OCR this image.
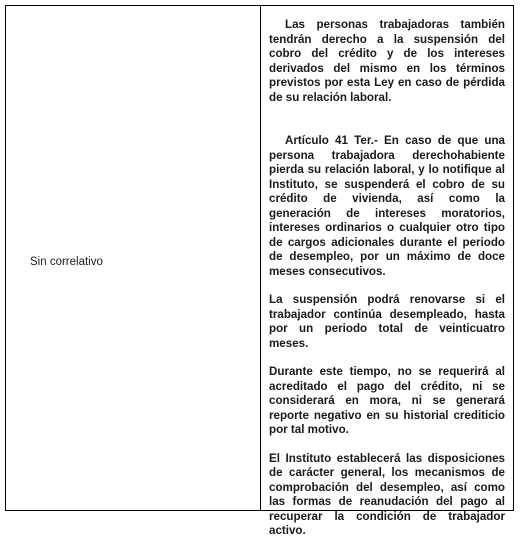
Sin correlativo

Las personas trabajadoras también tendrán derecho a la suspensión del cobro del crédito y de los intereses derivados del mismo en los términos previstos por esta Ley en caso de pérdida de su relación laboral.

Artículo 41 Ter.- En caso de que una persona trabajadora derechohabiente pierda su relación laboral, y lo notifique al Instituto, se suspenderá el cobro de su crédito de vivienda, así como la generación de intereses moratorios, intereses ordinarios o cualquier otro tipo de cargos adicionales durante el periodo de desempleo, por un máximo de doce meses consecutivos.

La suspensión podrá renovarse si el trabajador continúa desempleado, hasta por un periodo total de veinticuatro meses.

Durante este tiempo, no se requerirá al acreditado el pago del crédito, ni se considerará en mora, ni se generará reporte negativo en su historial crediticio por tal motivo.

El Instituto establecerá las disposiciones de carácter general, los mecanismos de comprobación del desempleo, así como las formas de reanudación del pago al recuperar la condición de trabajador activo.
